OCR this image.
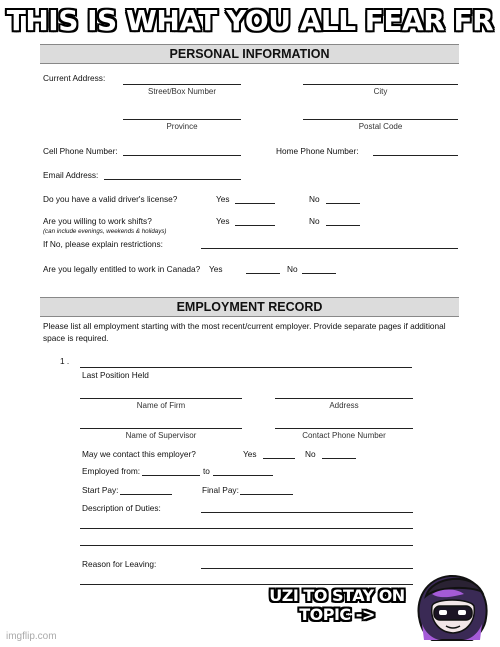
THIS IS WHAT YOU ALL FEAR FR
PERSONAL INFORMATION
Current Address:
Street/Box Number	City
Province	Postal Code
Cell Phone Number:	Home Phone Number:
Email Address:
Do you have a valid driver's license?	Yes	No
Are you willing to work shifts?	Yes	No
(can include evenings, weekends & holidays)
If No, please explain restrictions:
Are you legally entitled to work in Canada? Yes	No
EMPLOYMENT RECORD
Please list all employment starting with the most recent/current employer. Provide separate pages if additional space is required.
1 .
Last Position Held
Name of Firm	Address
Name of Supervisor	Contact Phone Number
May we contact this employer?	Yes	No
Employed from:	to
Start Pay:	Final Pay:
Description of Duties:
Reason for Leaving:
UZI TO STAY ON TOPIC ->
imgflip.com
